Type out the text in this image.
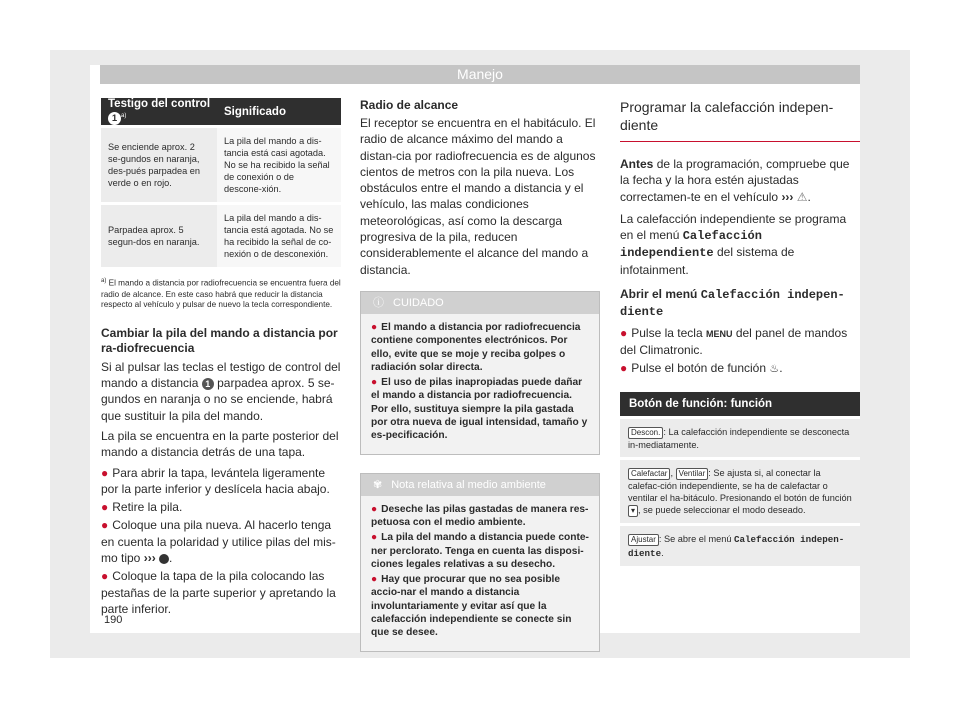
Manejo
Testigo del control 1 $^{a)}$	Significado

Se enciende aprox. 2 se-gundos en naranja, des-pués parpadea en verde o en rojo.	La pila del mando a dis-tancia está casi agotada. No se ha recibido la señal de conexión o de descone-xión.

Parpadea aprox. 5 segun-dos en naranja.	La pila del mando a dis-tancia está agotada. No se ha recibido la señal de co-nexión o de desconexión.
$^{a)}$ El mando a distancia por radiofrecuencia se encuentra fuera del radio de alcance. En este caso habrá que reducir la distancia respecto al vehículo y pulsar de nuevo la tecla correspondiente.
Cambiar la pila del mando a distancia por ra-diofrecuencia

Si al pulsar las teclas el testigo de control del mando a distancia 1 parpadea aprox. 5 se-gundos en naranja o no se enciende, habrá que sustituir la pila del mando.

La pila se encuentra en la parte posterior del mando a distancia detrás de una tapa.

● Para abrir la tapa, levántela ligeramente por la parte inferior y deslícela hacia abajo.

● Retire la pila.

● Coloque una pila nueva. Al hacerlo tenga en cuenta la polaridad y utilice pilas del mis-mo tipo ››› .

● Coloque la tapa de la pila colocando las pestañas de la parte superior y apretando la parte inferior.

190
Radio de alcance

El receptor se encuentra en el habitáculo. El radio de alcance máximo del mando a distan-cia por radiofrecuencia es de algunos cientos de metros con la pila nueva. Los obstáculos entre el mando a distancia y el vehículo, las malas condiciones meteorológicas, así como la descarga progresiva de la pila, reducen considerablemente el alcance del mando a distancia.

ⓘ CUIDADO
● El mando a distancia por radiofrecuencia contiene componentes electrónicos. Por ello, evite que se moje y reciba golpes o radiación solar directa.
● El uso de pilas inapropiadas puede dañar el mando a distancia por radiofrecuencia. Por ello, sustituya siempre la pila gastada por otra nueva de igual intensidad, tamaño y es-pecificación.
✾ Nota relativa al medio ambiente
● Deseche las pilas gastadas de manera res-petuosa con el medio ambiente.
● La pila del mando a distancia puede conte-ner perclorato. Tenga en cuenta las disposi-ciones legales relativas a su desecho.
● Hay que procurar que no sea posible accio-nar el mando a distancia involuntariamente y evitar así que la calefacción independiente se conecte sin que se desee.
Programar la calefacción indepen-diente

Antes de la programación, compruebe que la fecha y la hora estén ajustadas correctamen-te en el vehículo ››› ⚠.

La calefacción independiente se programa en el menú Calefacción independiente del sistema de infotainment.

Abrir el menú Calefacción indepen-diente

● Pulse la tecla MENU del panel de mandos del Climatronic.

● Pulse el botón de función ♨.

Botón de función: función
Descon. : La calefacción independiente se desconecta in-mediatamente.
Calefactar , Ventilar : Se ajusta si, al conectar la calefac-ción independiente, se ha de calefactar o ventilar el ha-bitáculo. Presionando el botón de función ▾ , se puede seleccionar el modo deseado.
Ajustar : Se abre el menú Calefacción indepen-diente.
